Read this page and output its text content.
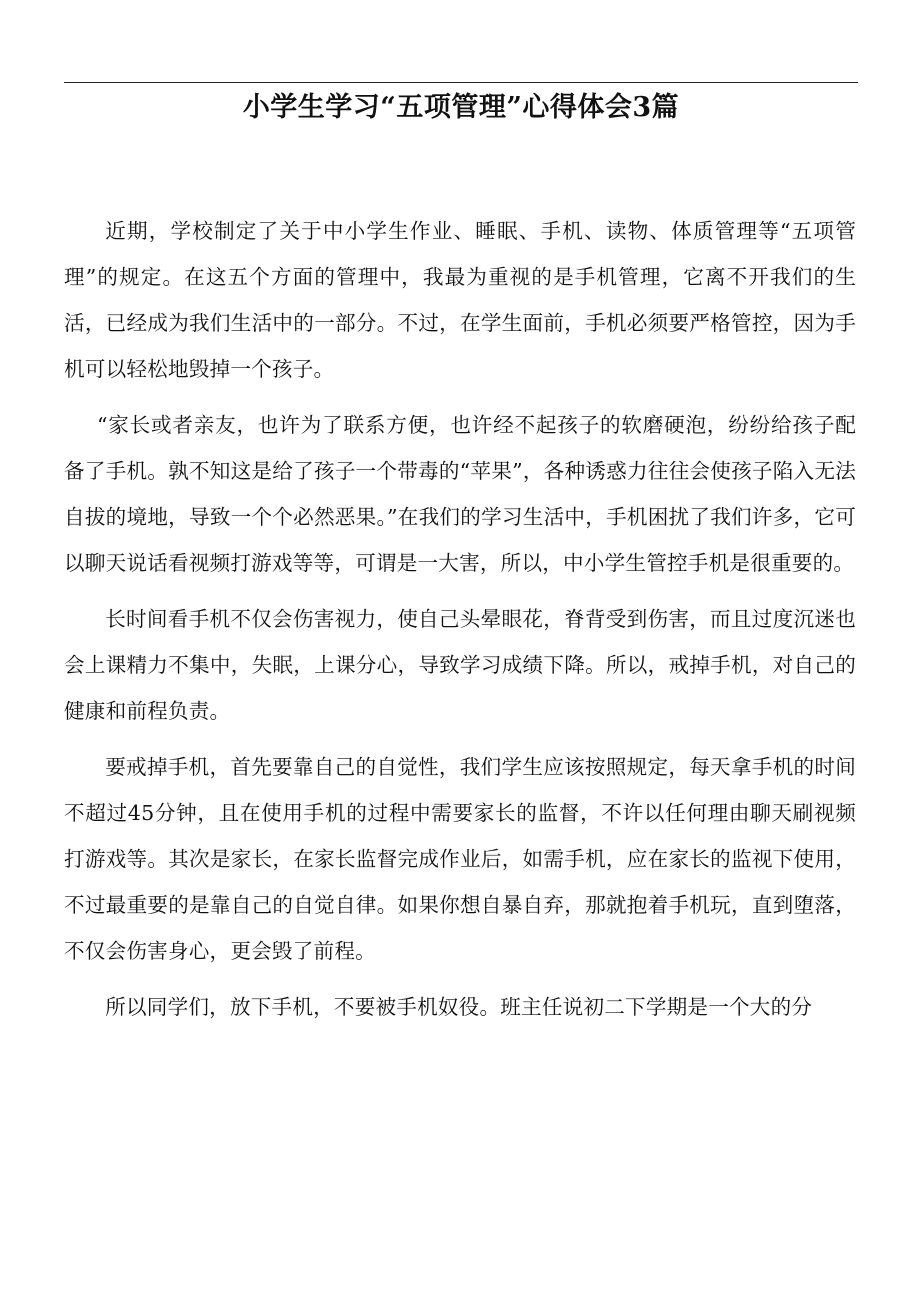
小学生学习“五项管理”心得体会3篇

近期，学校制定了关于中小学生作业、睡眠、手机、读物、体质管理等“五项管理”的规定。在这五个方面的管理中，我最为重视的是手机管理，它离不开我们的生活，已经成为我们生活中的一部分。不过，在学生面前，手机必须要严格管控，因为手机可以轻松地毁掉一个孩子。

“家长或者亲友，也许为了联系方便，也许经不起孩子的软磨硬泡，纷纷给孩子配备了手机。孰不知这是给了孩子一个带毒的“苹果”，各种诱惑力往往会使孩子陷入无法自拔的境地，导致一个个必然恶果。”在我们的学习生活中，手机困扰了我们许多，它可以聊天说话看视频打游戏等等，可谓是一大害，所以，中小学生管控手机是很重要的。

长时间看手机不仅会伤害视力，使自己头晕眼花，脊背受到伤害，而且过度沉迷也会上课精力不集中，失眠，上课分心，导致学习成绩下降。所以，戒掉手机，对自己的健康和前程负责。

要戒掉手机，首先要靠自己的自觉性，我们学生应该按照规定，每天拿手机的时间不超过45分钟，且在使用手机的过程中需要家长的监督，不许以任何理由聊天刷视频打游戏等。其次是家长，在家长监督完成作业后，如需手机，应在家长的监视下使用，不过最重要的是靠自己的自觉自律。如果你想自暴自弃，那就抱着手机玩，直到堕落，不仅会伤害身心，更会毁了前程。

所以同学们，放下手机，不要被手机奴役。班主任说初二下学期是一个大的分
